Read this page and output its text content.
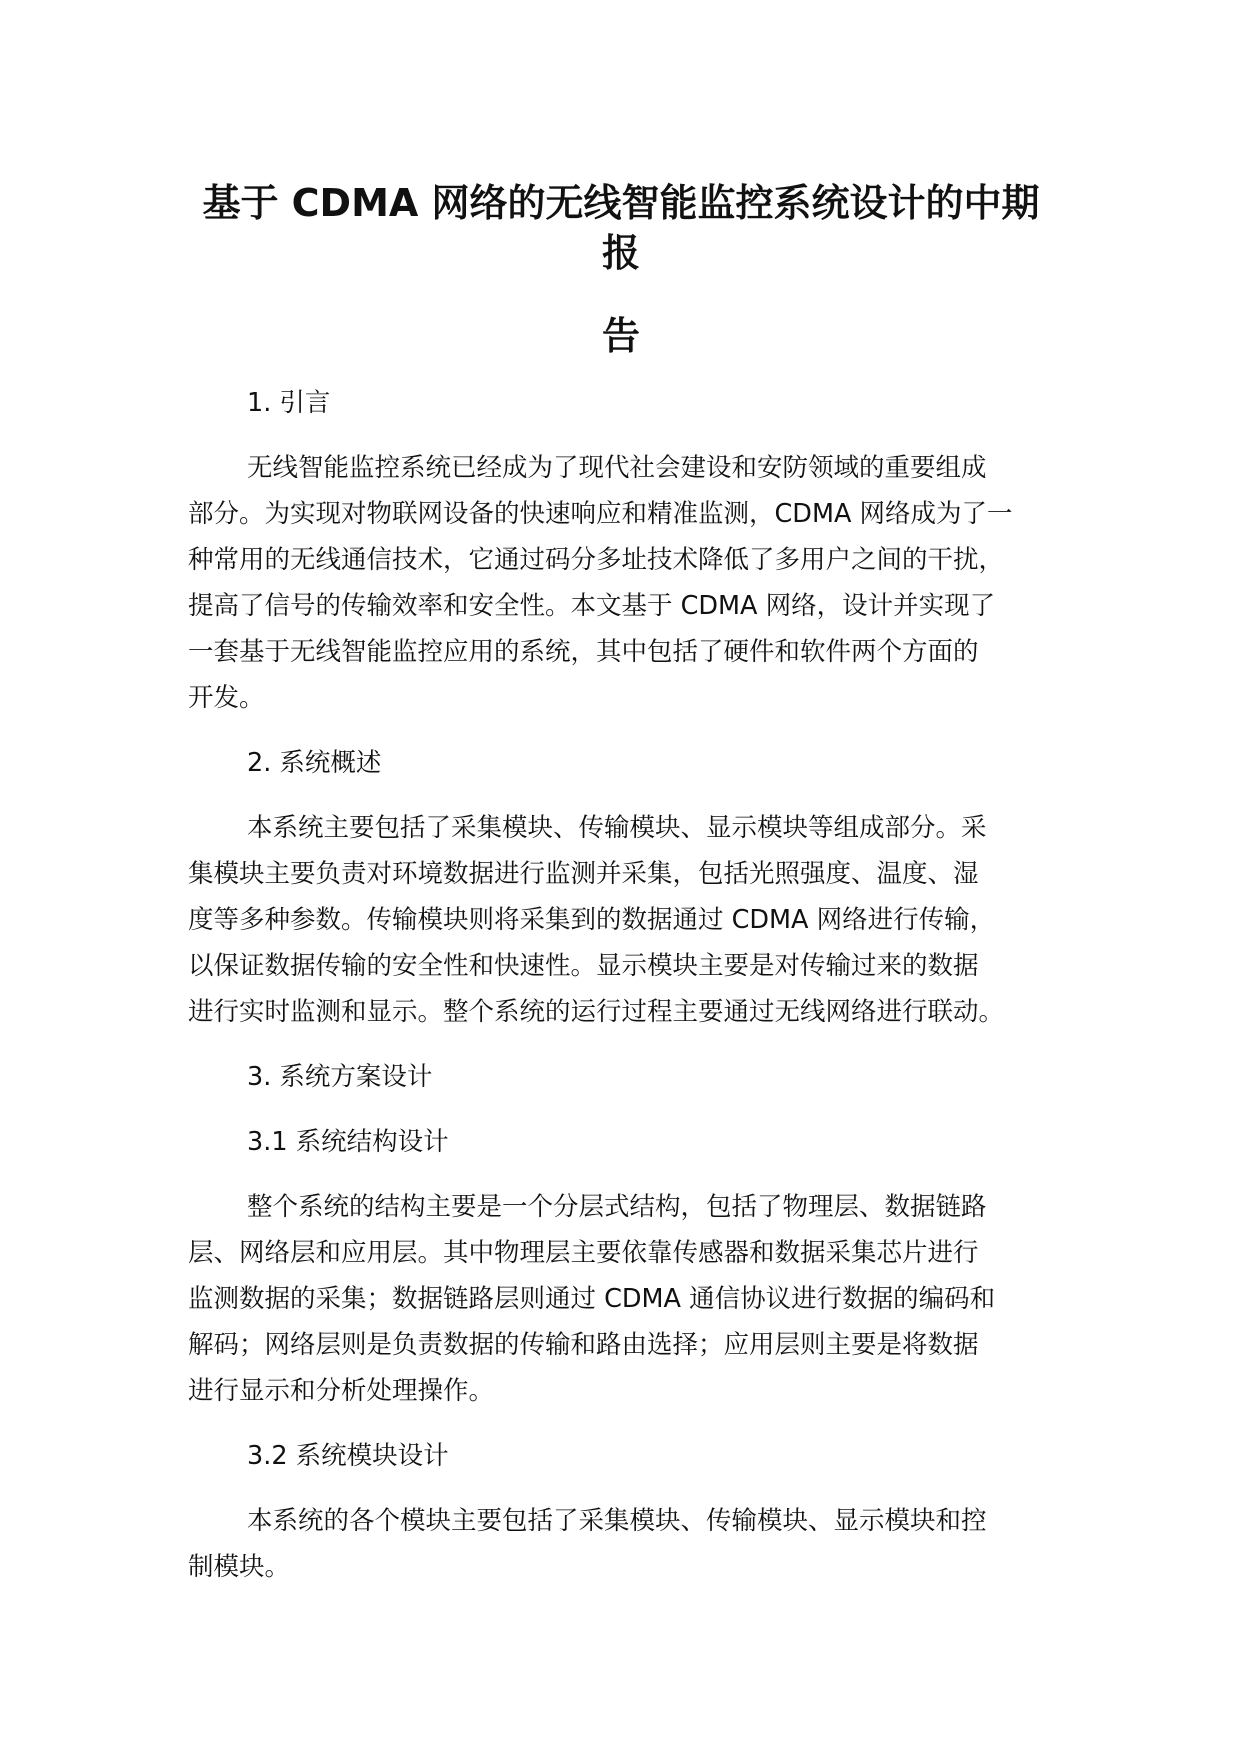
基于 CDMA 网络的无线智能监控系统设计的中期报
告

1. 引言

无线智能监控系统已经成为了现代社会建设和安防领域的重要组成
部分。为实现对物联网设备的快速响应和精准监测，CDMA 网络成为了一
种常用的无线通信技术，它通过码分多址技术降低了多用户之间的干扰，
提高了信号的传输效率和安全性。本文基于 CDMA 网络，设计并实现了
一套基于无线智能监控应用的系统，其中包括了硬件和软件两个方面的
开发。

2. 系统概述

本系统主要包括了采集模块、传输模块、显示模块等组成部分。采
集模块主要负责对环境数据进行监测并采集，包括光照强度、温度、湿
度等多种参数。传输模块则将采集到的数据通过 CDMA 网络进行传输，
以保证数据传输的安全性和快速性。显示模块主要是对传输过来的数据
进行实时监测和显示。整个系统的运行过程主要通过无线网络进行联动。

3. 系统方案设计

3.1 系统结构设计

整个系统的结构主要是一个分层式结构，包括了物理层、数据链路
层、网络层和应用层。其中物理层主要依靠传感器和数据采集芯片进行
监测数据的采集；数据链路层则通过 CDMA 通信协议进行数据的编码和
解码；网络层则是负责数据的传输和路由选择；应用层则主要是将数据
进行显示和分析处理操作。

3.2 系统模块设计

本系统的各个模块主要包括了采集模块、传输模块、显示模块和控
制模块。
